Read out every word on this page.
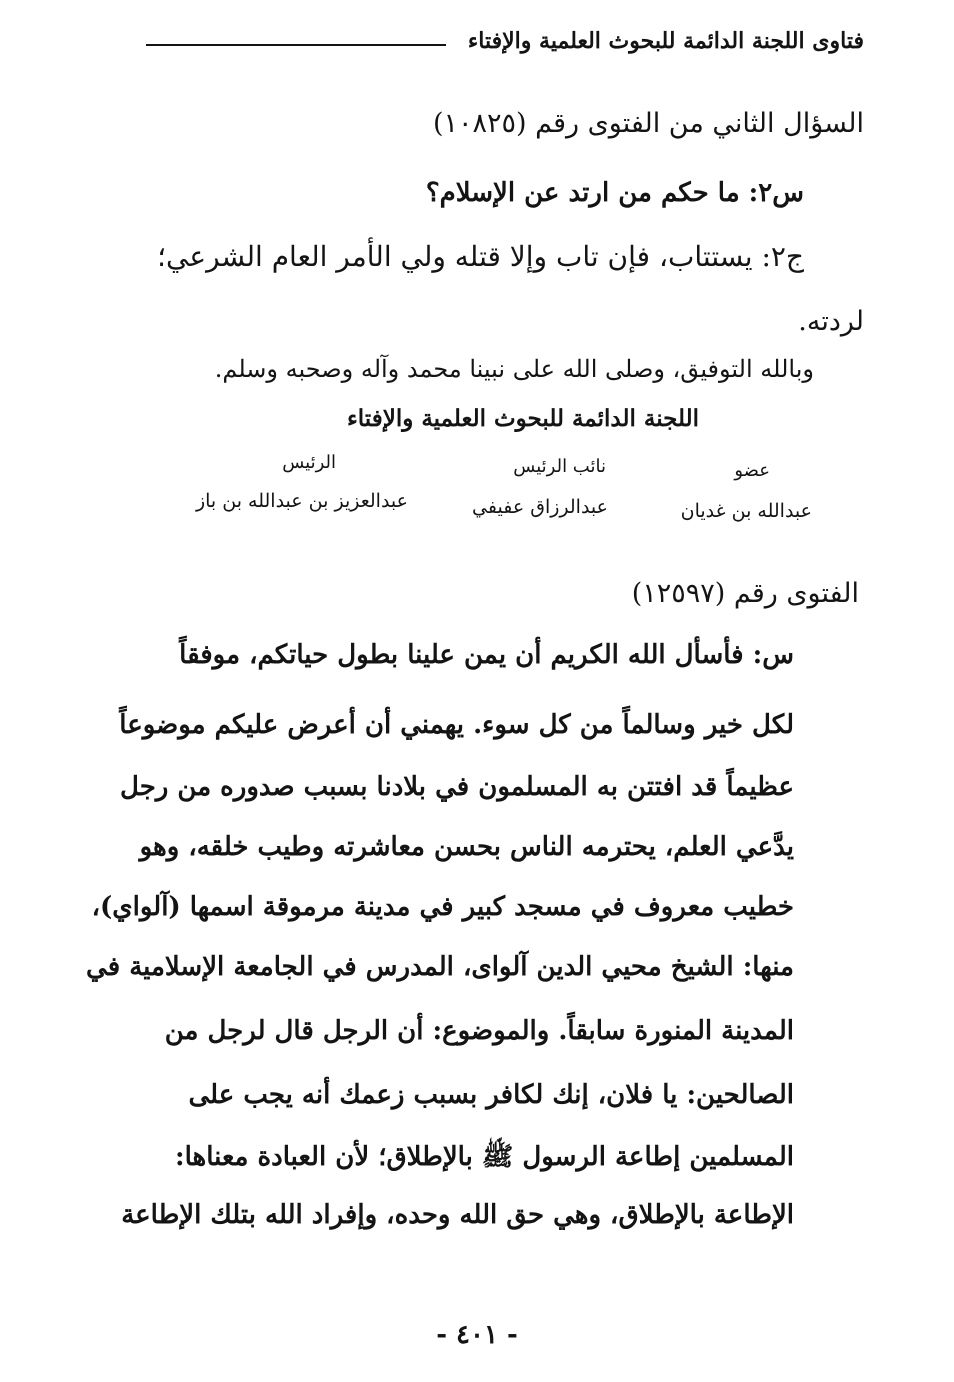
فتاوى اللجنة الدائمة للبحوث العلمية والإفتاء
السؤال الثاني من الفتوى رقم (١٠٨٢٥)
س٢: ما حكم من ارتد عن الإسلام؟
ج٢: يستتاب، فإن تاب وإلا قتله ولي الأمر العام الشرعي؛
لردته.
وبالله التوفيق، وصلى الله على نبينا محمد وآله وصحبه وسلم.
اللجنة الدائمة للبحوث العلمية والإفتاء
عضو
عبدالله بن غديان
نائب الرئيس
عبدالرزاق عفيفي
الرئيس
عبدالعزيز بن عبدالله بن باز
الفتوى رقم (١٢٥٩٧)
س: فأسأل الله الكريم أن يمن علينا بطول حياتكم، موفقاً
لكل خير وسالماً من كل سوء. يهمني أن أعرض عليكم موضوعاً
عظيماً قد افتتن به المسلمون في بلادنا بسبب صدوره من رجل
يدَّعي العلم، يحترمه الناس بحسن معاشرته وطيب خلقه، وهو
خطيب معروف في مسجد كبير في مدينة مرموقة اسمها (آلواي)،
منها: الشيخ محيي الدين آلواى، المدرس في الجامعة الإسلامية في
المدينة المنورة سابقاً. والموضوع: أن الرجل قال لرجل من
الصالحين: يا فلان، إنك لكافر بسبب زعمك أنه يجب على
المسلمين إطاعة الرسول ﷺ بالإطلاق؛ لأن العبادة معناها:
الإطاعة بالإطلاق، وهي حق الله وحده، وإفراد الله بتلك الإطاعة
- ٤٠١ -
